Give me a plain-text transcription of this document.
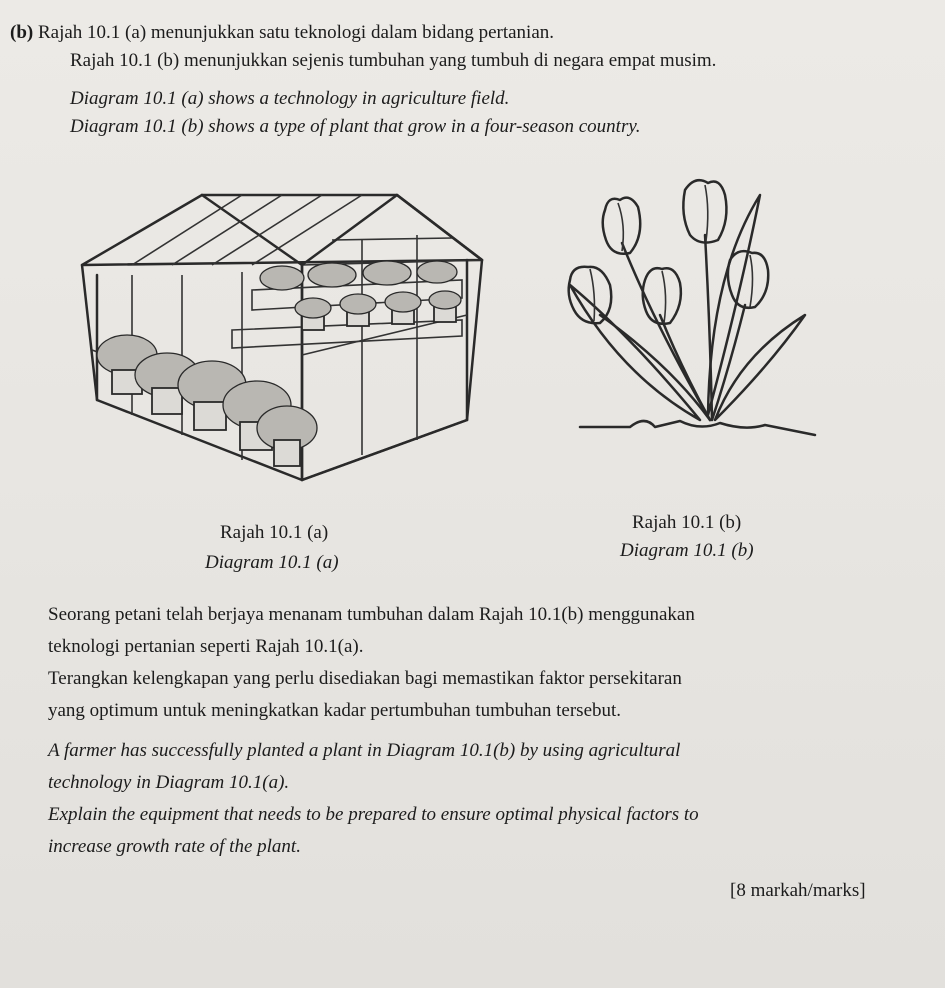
(b) Rajah 10.1 (a) menunjukkan satu teknologi dalam bidang pertanian.
Rajah 10.1 (b) menunjukkan sejenis tumbuhan yang tumbuh di negara empat musim.
Diagram 10.1 (a) shows a technology in agriculture field.
Diagram 10.1 (b) shows a type of plant that grow in a four-season country.
Rajah 10.1 (a)
Diagram 10.1 (a)
Rajah 10.1 (b)
Diagram 10.1 (b)
Seorang petani telah berjaya menanam tumbuhan dalam Rajah 10.1(b) menggunakan
teknologi pertanian seperti Rajah 10.1(a).
Terangkan kelengkapan yang perlu disediakan bagi memastikan faktor persekitaran
yang optimum untuk meningkatkan kadar pertumbuhan tumbuhan tersebut.
A farmer has successfully planted a plant in Diagram 10.1(b) by using agricultural
technology in Diagram 10.1(a).
Explain the equipment that needs to be prepared to ensure optimal physical factors to
increase growth rate of the plant.
[8 markah/marks]
